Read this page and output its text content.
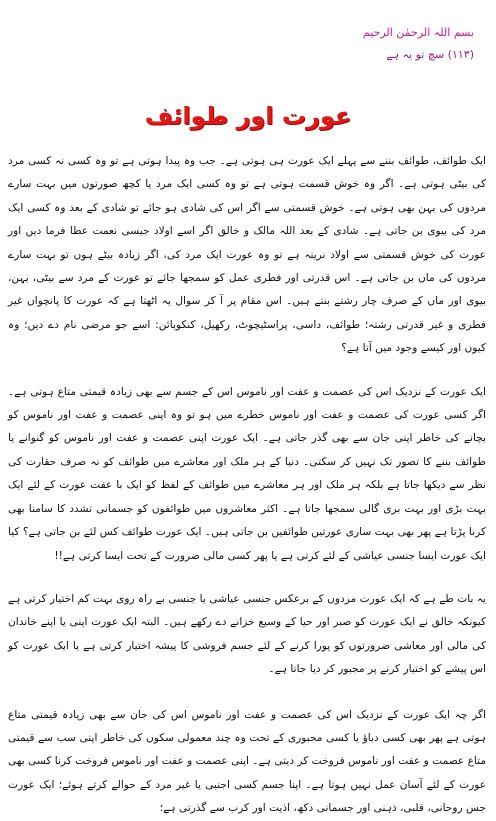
بسم اللہ الرحمٰن الرحیم
(۱۱۳) سچ تو یہ ہے
عورت اور طوائف

ایک طوائف، طوائف بننے سے پہلے ایک عورت ہی ہوتی ہے۔ جب وہ پیدا ہوتی ہے تو وہ کسی نہ کسی مرد کی بیٹی ہوتی ہے۔ اگر وہ خوش قسمت ہوتی ہے تو وہ کسی ایک مرد یا کچھ صورتوں میں بہت سارے مردوں کی بہن بھی ہوتی ہے۔ خوش قسمتی سے اگر اس کی شادی ہو جائے تو شادی کے بعد وہ کسی ایک مرد کی بیوی بن جاتی ہے۔ شادی کے بعد اللہ مالک و خالق اگر اسے اولاد جیسی نعمت عطا فرما دیں اور عورت کی خوش قسمتی سے اولاد نرینہ ہے تو وہ عورت ایک مرد کی، اگر زیادہ بیٹے ہوں تو بہت سارے مردوں کی ماں بن جاتی ہے۔ اس قدرتی اور فطری عمل کو سمجھا جائے تو عورت کے مرد سے بیٹی، بہن، بیوی اور ماں کے صرف چار رشتے بنتے ہیں۔ اس مقام پر آ کر سوال یہ اٹھتا ہے کہ عورت کا پانچواں غیر فطری و غیر قدرتی رشتہ؛ طوائف، داسی، پراسٹیچوٹ، رکھیل، کنکوبائن: اسے جو مرضی نام دے دیں؛ وہ کیوں اور کیسے وجود میں آتا ہے؟

ایک عورت کے نزدیک اس کی عصمت و عفت اور ناموس اس کے جسم سے بھی زیادہ قیمتی متاع ہوتی ہے۔ اگر کسی عورت کی عصمت و عفت اور ناموس خطرے میں ہو تو وہ اپنی عصمت و عفت اور ناموس کو بچانے کی خاطر اپنی جان سے بھی گذر جاتی ہے۔ ایک عورت اپنی عصمت و عفت اور ناموس کو گنوانے یا طوائف بننے کا تصور تک نہیں کر سکتی۔ دنیا کے ہر ملک اور معاشرے میں طوائف کو نہ صرف حقارت کی نظر سے دیکھا جاتا ہے بلکہ ہر ملک اور ہر معاشرے میں طوائف کے لفظ کو ایک با عفت عورت کے لئے ایک بہت بڑی اور بہت بری گالی سمجھا جاتا ہے۔ اکثر معاشروں میں طوائفوں کو جسمانی تشدد کا سامنا بھی کرنا پڑتا ہے پھر بھی بہت ساری عورتیں طوائفیں بن جاتی ہیں۔ ایک عورت طوائف کس لئے بن جاتی ہے؟ کیا ایک عورت ایسا جنسی عیاشی کے لئے کرتی ہے یا پھر کسی مالی ضرورت کے تحت ایسا کرتی ہے!!

یہ بات طے ہے کہ ایک عورت مردوں کے برعکس جنسی عیاشی یا جنسی بے راہ روی بہت کم اختیار کرتی ہے کیونکہ خالق نے ایک عورت کو صبر اور حیا کے وسیع خزانے دے رکھے ہیں۔ البتہ ایک عورت اپنی یا اپنے خاندان کی مالی اور معاشی ضرورتوں کو پورا کرنے کے لئے جسم فروشی کا پیشہ اختیار کرتی ہے یا ایک عورت کو اس پیشے کو اختیار کرنے پر مجبور کر دیا جاتا ہے۔

اگر چہ ایک عورت کے نزدیک اس کی عصمت و عفت اور ناموس اس کی جان سے بھی زیادہ قیمتی متاع ہوتی ہے پھر بھی کسی دباؤ یا کسی مجبوری کے تحت وہ چند معمولی سکوں کی خاطر اپنی سب سے قیمتی متاع عصمت و عفت اور ناموس فروخت کر دیتی ہے۔ اپنی عصمت و عفت اور ناموس فروخت کرنا کسی بھی عورت کے لئے آسان عمل نہیں ہوتا ہے۔ اپنا جسم کسی اجنبی یا غیر مرد کے حوالے کرتے ہوئے؛ ایک عورت جس روحانی، قلبی، ذہنی اور جسمانی دکھ، اذیت اور کرب سے گذرتی ہے؛
